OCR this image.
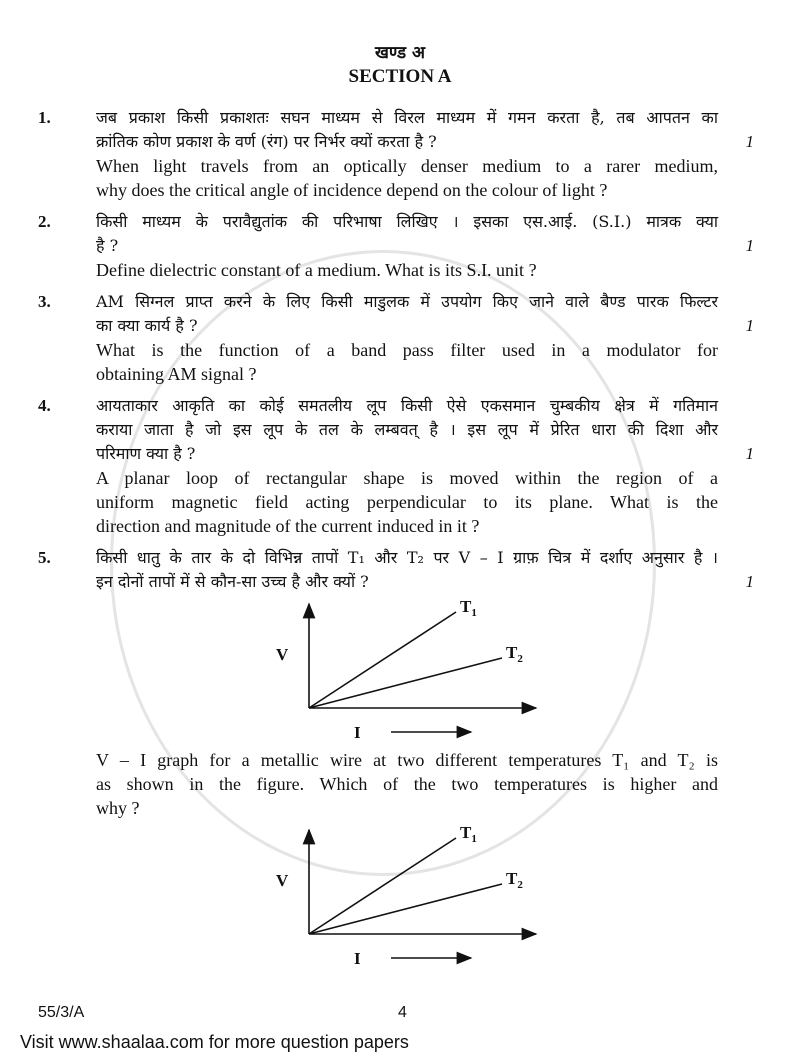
खण्ड अ
SECTION A
1.	जब प्रकाश किसी प्रकाशतः सघन माध्यम से विरल माध्यम में गमन करता है, तब आपतन का
क्रांतिक कोण प्रकाश के वर्ण (रंग) पर निर्भर क्यों करता है ?	1
When light travels from an optically denser medium to a rarer medium,
why does the critical angle of incidence depend on the colour of light ?
2.	किसी माध्यम के परावैद्युतांक की परिभाषा लिखिए । इसका एस.आई. (S.I.) मात्रक क्या
है ?	1
Define dielectric constant of a medium. What is its S.I. unit ?
3.	AM सिग्नल प्राप्त करने के लिए किसी माडुलक में उपयोग किए जाने वाले बैण्ड पारक फिल्टर
का क्या कार्य है ?	1
What is the function of a band pass filter used in a modulator for
obtaining AM signal ?
4.	आयताकार आकृति का कोई समतलीय लूप किसी ऐसे एकसमान चुम्बकीय क्षेत्र में गतिमान
कराया जाता है जो इस लूप के तल के लम्बवत् है । इस लूप में प्रेरित धारा की दिशा और
परिमाण क्या है ?	1
A planar loop of rectangular shape is moved within the region of a
uniform magnetic field acting perpendicular to its plane. What is the
direction and magnitude of the current induced in it ?
5.	किसी धातु के तार के दो विभिन्न तापों T₁ और T₂ पर V – I ग्राफ़ चित्र में दर्शाए अनुसार है ।
इन दोनों तापों में से कौन-सा उच्च है और क्यों ?	1
V
I
$T_1$
$T_2$
V – I graph for a metallic wire at two different temperatures T₁ and T₂ is
as shown in the figure. Which of the two temperatures is higher and
why ?
V
I
$T_1$
$T_2$
55/3/A	4
Visit www.shaalaa.com for more question papers
